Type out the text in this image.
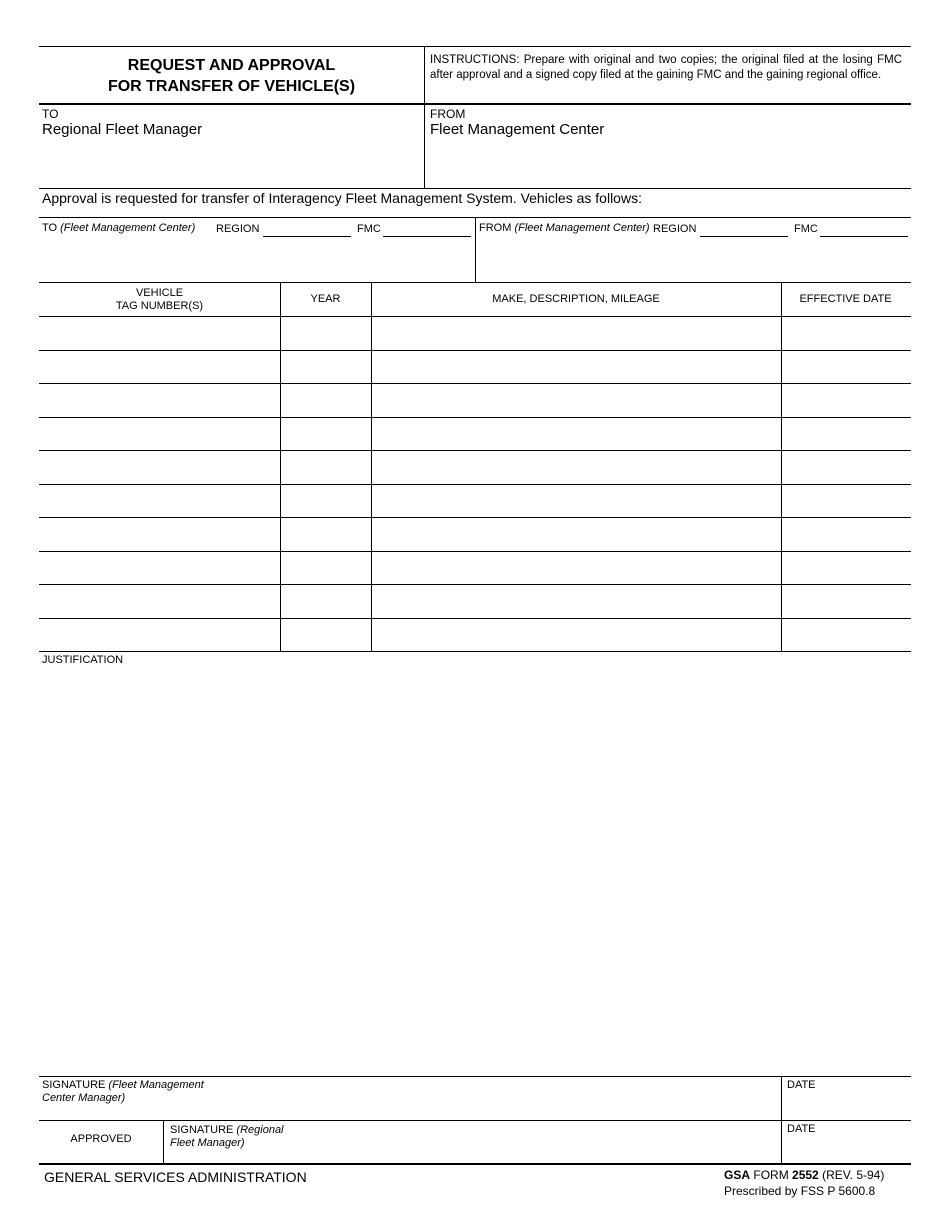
REQUEST AND APPROVAL
FOR TRANSFER OF VEHICLE(S)
INSTRUCTIONS: Prepare with original and two copies; the original filed at the losing FMC after approval and a signed copy filed at the gaining FMC and the gaining regional office.
TO
Regional Fleet Manager
FROM
Fleet Management Center
Approval is requested for transfer of Interagency Fleet Management System. Vehicles as follows:
TO (Fleet Management Center) REGION	FMC	FROM (Fleet Management Center) REGION	FMC
VEHICLE
TAG NUMBER(S)
YEAR	MAKE, DESCRIPTION, MILEAGE	EFFECTIVE DATE
JUSTIFICATION
SIGNATURE (Fleet Management
Center Manager)
DATE
APPROVED
SIGNATURE (Regional
Fleet Manager)
DATE
GENERAL SERVICES ADMINISTRATION	GSA FORM 2552 (REV. 5-94)
Prescribed by FSS P 5600.8
